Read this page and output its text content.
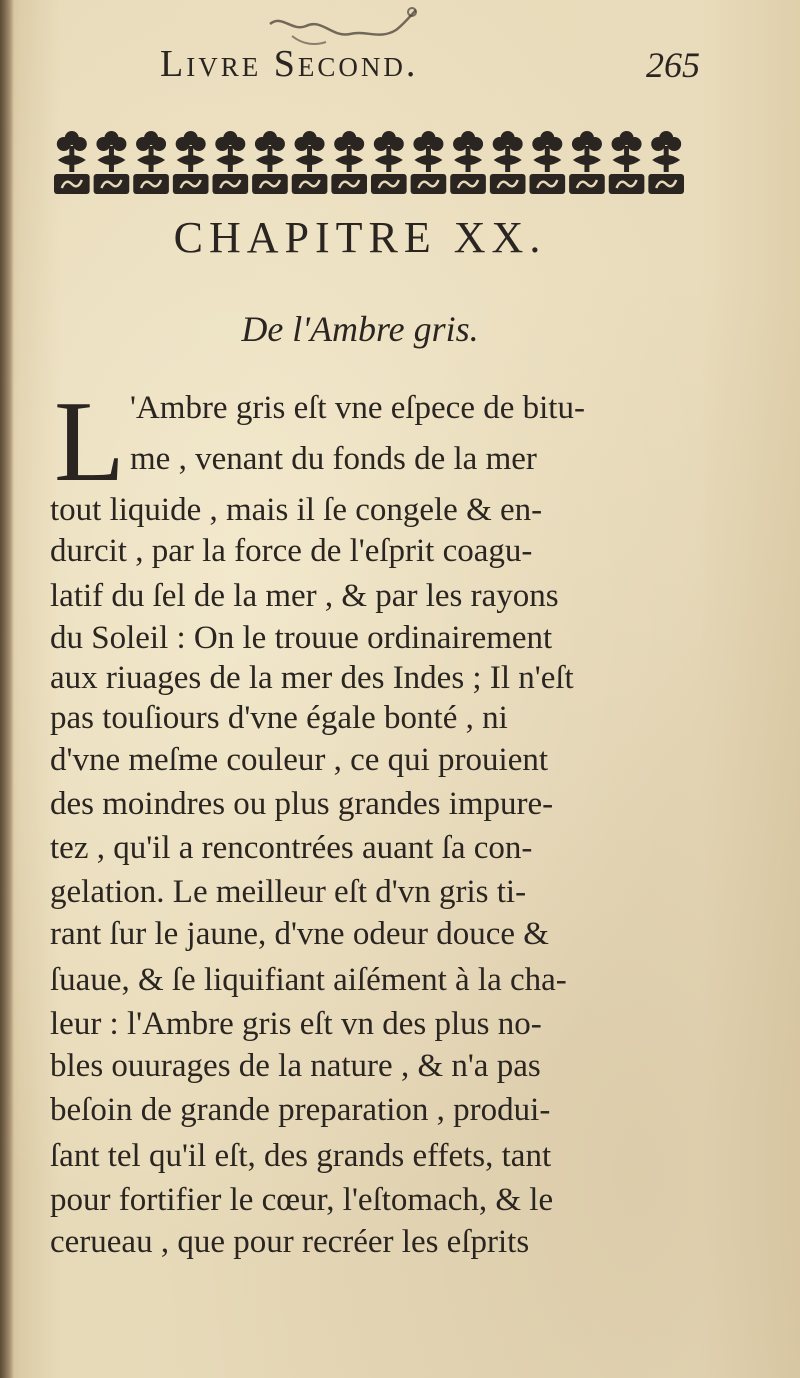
Livre Second.	265
CHAPITRE XX.
De l'Ambre gris.
L 'Ambre gris eſt vne eſpece de bitu-
me , venant du fonds de la mer
tout liquide , mais il ſe congele & en-
durcit , par la force de l'eſprit coagu-
latif du ſel de la mer , & par les rayons
du Soleil : On le trouue ordinairement
aux riuages de la mer des Indes ; Il n'eſt
pas touſiours d'vne égale bonté , ni
d'vne meſme couleur , ce qui prouient
des moindres ou plus grandes impure-
tez , qu'il a rencontrées auant ſa con-
gelation. Le meilleur eſt d'vn gris ti-
rant ſur le jaune, d'vne odeur douce &
ſuaue, & ſe liquifiant aiſément à la cha-
leur : l'Ambre gris eſt vn des plus no-
bles ouurages de la nature , & n'a pas
beſoin de grande preparation , produi-
ſant tel qu'il eſt, des grands effets, tant
pour fortifier le cœur, l'eſtomach, & le
cerueau , que pour recréer les eſprits
